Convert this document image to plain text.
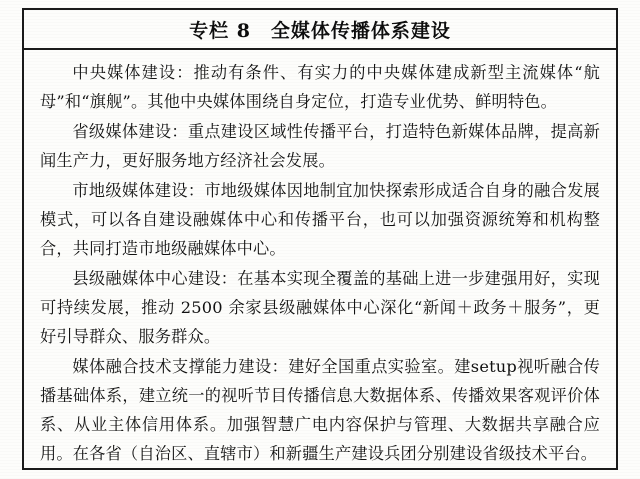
专栏 8　全媒体传播体系建设

中央媒体建设：推动有条件、有实力的中央媒体建成新型主流媒体“航母”和“旗舰”。其他中央媒体围绕自身定位，打造专业优势、鲜明特色。

省级媒体建设：重点建设区域性传播平台，打造特色新媒体品牌，提高新闻生产力，更好服务地方经济社会发展。

市地级媒体建设：市地级媒体因地制宜加快探索形成适合自身的融合发展模式，可以各自建设融媒体中心和传播平台，也可以加强资源统筹和机构整合，共同打造市地级融媒体中心。

县级融媒体中心建设：在基本实现全覆盖的基础上进一步建强用好，实现可持续发展，推动 2500 余家县级融媒体中心深化“新闻＋政务＋服务”，更好引导群众、服务群众。

媒体融合技术支撑能力建设：建好全国重点实验室。建setup视听融合传播基础体系，建立统一的视听节目传播信息大数据体系、传播效果客观评价体系、从业主体信用体系。加强智慧广电内容保护与管理、大数据共享融合应用。在各省（自治区、直辖市）和新疆生产建设兵团分别建设省级技术平台。
